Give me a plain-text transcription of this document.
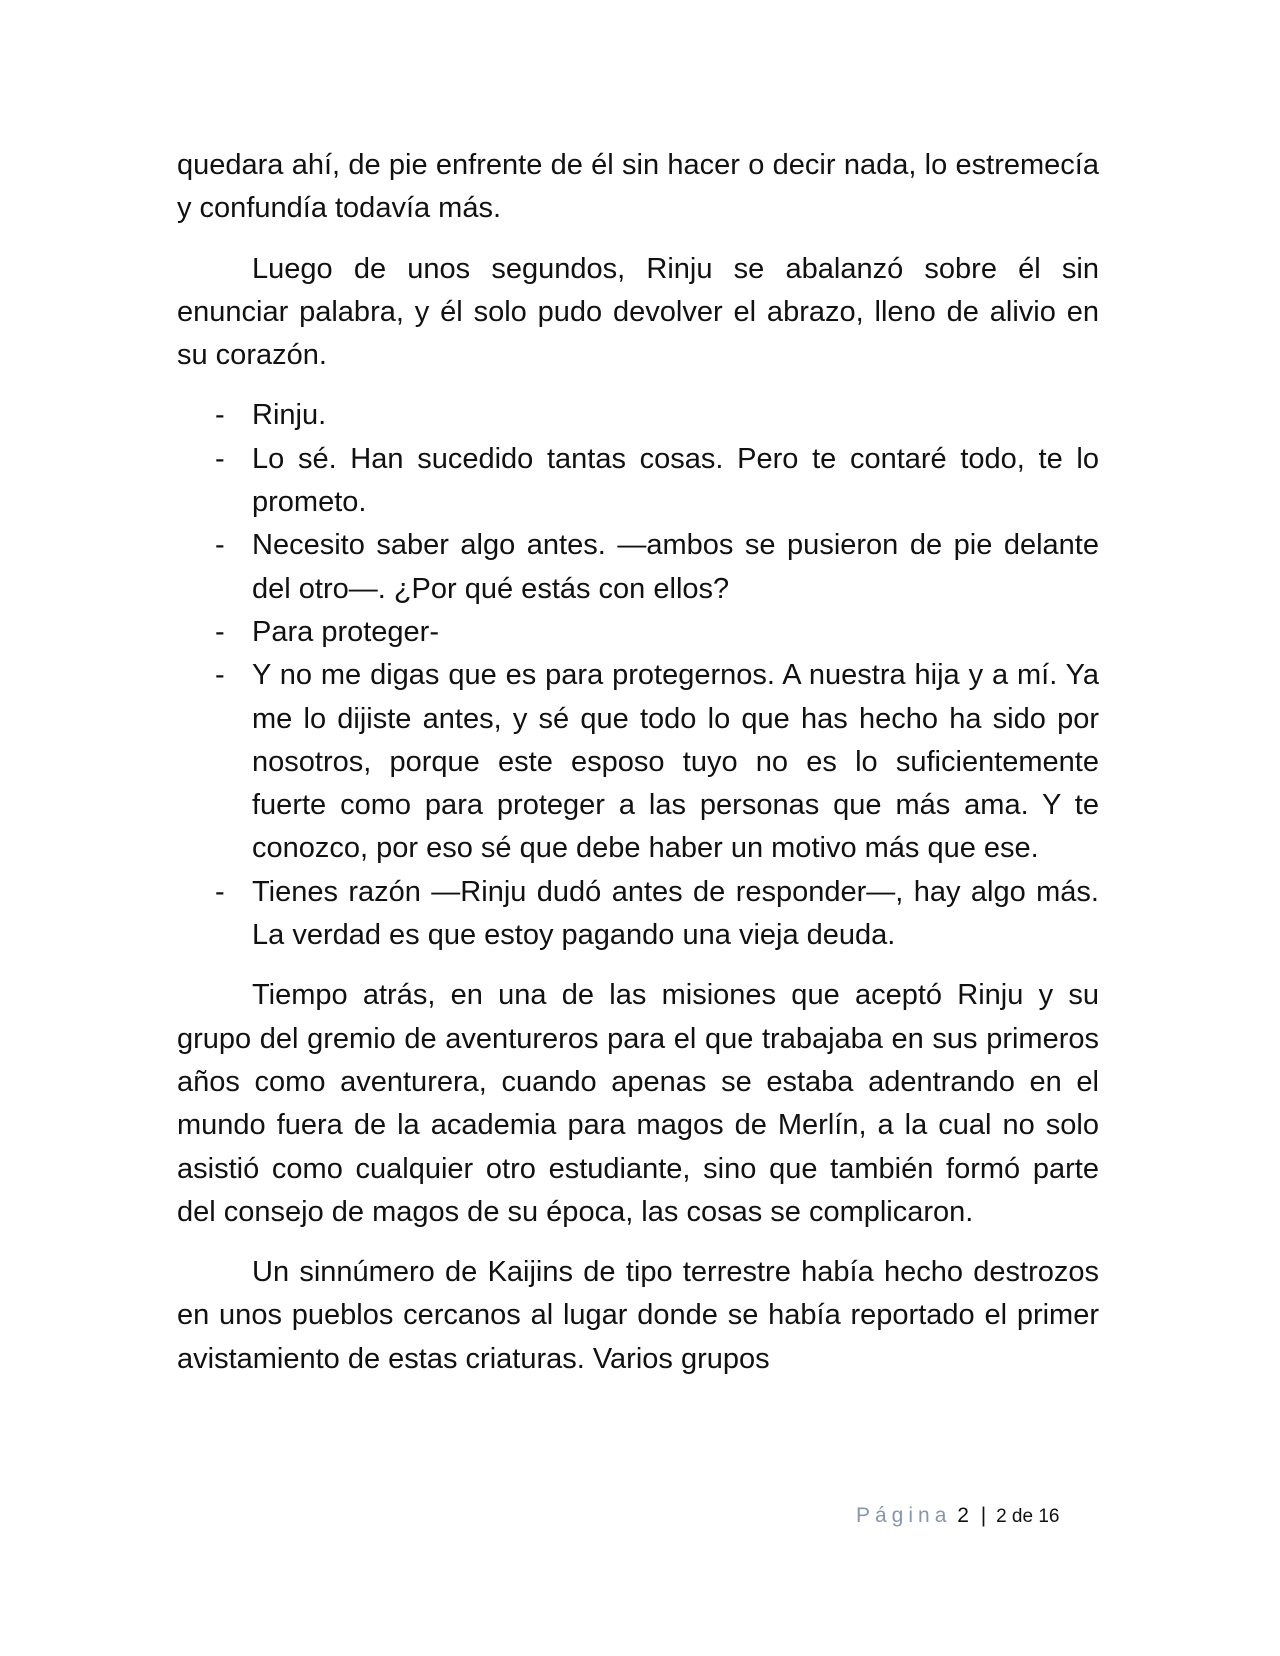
quedara ahí, de pie enfrente de él sin hacer o decir nada, lo estremecía y confundía todavía más.

Luego de unos segundos, Rinju se abalanzó sobre él sin enunciar palabra, y él solo pudo devolver el abrazo, lleno de alivio en su corazón.

- Rinju.
- Lo sé. Han sucedido tantas cosas. Pero te contaré todo, te lo prometo.
- Necesito saber algo antes. —ambos se pusieron de pie delante del otro—. ¿Por qué estás con ellos?
- Para proteger-
- Y no me digas que es para protegernos. A nuestra hija y a mí. Ya me lo dijiste antes, y sé que todo lo que has hecho ha sido por nosotros, porque este esposo tuyo no es lo suficientemente fuerte como para proteger a las personas que más ama. Y te conozco, por eso sé que debe haber un motivo más que ese.
- Tienes razón —Rinju dudó antes de responder—, hay algo más. La verdad es que estoy pagando una vieja deuda.

Tiempo atrás, en una de las misiones que aceptó Rinju y su grupo del gremio de aventureros para el que trabajaba en sus primeros años como aventurera, cuando apenas se estaba adentrando en el mundo fuera de la academia para magos de Merlín, a la cual no solo asistió como cualquier otro estudiante, sino que también formó parte del consejo de magos de su época, las cosas se complicaron.

Un sinnúmero de Kaijins de tipo terrestre había hecho destrozos en unos pueblos cercanos al lugar donde se había reportado el primer avistamiento de estas criaturas. Varios grupos

Página 2 | 2 de 16
